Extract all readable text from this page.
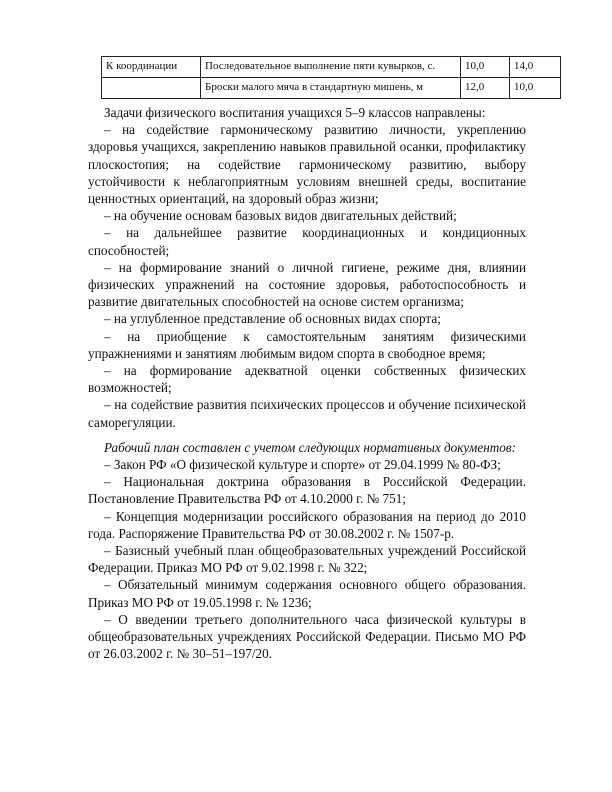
К координации	Последовательное выполнение пяти кувырков, с.	10,0	14,0
	Броски малого мяча в стандартную мишень, м	12,0	10,0

Задачи физического воспитания учащихся 5–9 классов направлены:

– на содействие гармоническому развитию личности, укреплению здоровья учащихся, закреплению навыков правильной осанки, профилактику плоскостопия; на содействие гармоническому развитию, выбору устойчивости к неблагоприятным условиям внешней среды, воспитание ценностных ориентаций, на здоровый образ жизни;

– на обучение основам базовых видов двигательных действий;

– на дальнейшее развитие координационных и кондиционных способностей;

– на формирование знаний о личной гигиене, режиме дня, влиянии физических упражнений на состояние здоровья, работоспособность и развитие двигательных способностей на основе систем организма;

– на углубленное представление об основных видах спорта;

– на приобщение к самостоятельным занятиям физическими упражнениями и занятиям любимым видом спорта в свободное время;

– на формирование адекватной оценки собственных физических возможностей;

– на содействие развития психических процессов и обучение психической саморегуляции.

Рабочий план составлен с учетом следующих нормативных документов:

– Закон РФ «О физической культуре и спорте» от 29.04.1999 № 80-ФЗ;

– Национальная доктрина образования в Российской Федерации. Постановление Правительства РФ от 4.10.2000 г. № 751;

– Концепция модернизации российского образования на период до 2010 года. Распоряжение Правительства РФ от 30.08.2002 г. № 1507-р.

– Базисный учебный план общеобразовательных учреждений Российской Федерации. Приказ МО РФ от 9.02.1998 г. № 322;

– Обязательный минимум содержания основного общего образования. Приказ МО РФ от 19.05.1998 г. № 1236;

– О введении третьего дополнительного часа физической культуры в общеобразовательных учреждениях Российской Федерации. Письмо МО РФ от 26.03.2002 г. № 30–51–197/20.
